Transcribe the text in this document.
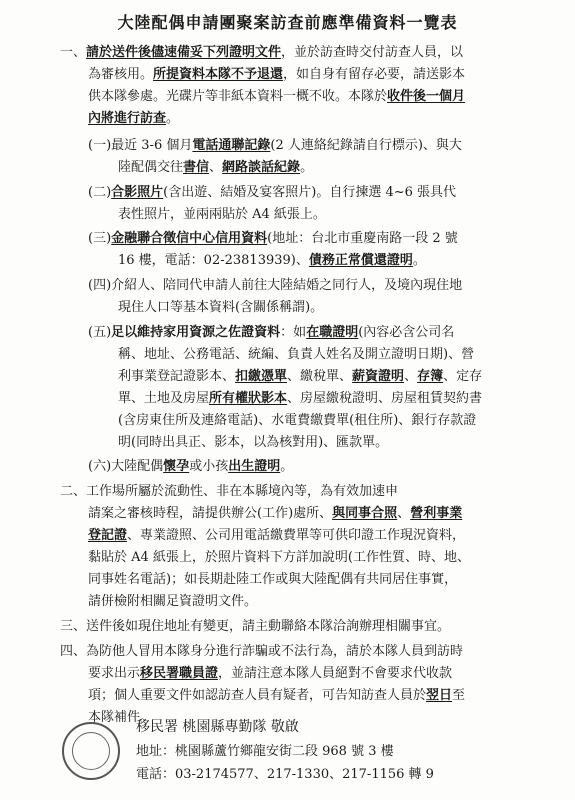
大陸配偶申請團聚案訪查前應準備資料一覽表
一、請於送件後儘速備妥下列證明文件，並於訪查時交付訪查人員，以
為審核用。所提資料本隊不予退還，如自身有留存必要，請送影本
供本隊參處。光碟片等非紙本資料一概不收。本隊於收件後一個月
內將進行訪查。
(一)最近 3-6 個月電話通聯記錄(2 人連絡紀錄請自行標示)、與大
陸配偶交往書信、網路談話紀錄。
(二)合影照片(含出遊、結婚及宴客照片)。自行揀選 4~6 張具代
表性照片，並兩兩貼於 A4 紙張上。
(三)金融聯合徵信中心信用資料(地址：台北市重慶南路一段 2 號
16 樓，電話：02-23813939)、債務正常償還證明。
(四)介紹人、陪同代申請人前往大陸結婚之同行人，及境內現住地
現住人口等基本資料(含關係稱謂)。
(五)足以維持家用資源之佐證資料：如在職證明(內容必含公司名
稱、地址、公務電話、統編、負責人姓名及開立證明日期)、營
利事業登記證影本、扣繳憑單、繳稅單、薪資證明、存簿、定存
單、土地及房屋所有權狀影本、房屋繳稅證明、房屋租賃契約書
(含房東住所及連絡電話)、水電費繳費單(租住所)、銀行存款證
明(同時出具正、影本，以為核對用)、匯款單。
(六)大陸配偶懷孕或小孩出生證明。
二、工作場所屬於流動性、非在本縣境內等，為有效加速申
請案之審核時程，請提供辦公(工作)處所、與同事合照、營利事業
登記證、專業證照、公司用電話繳費單等可供印證工作現況資料，
黏貼於 A4 紙張上，於照片資料下方詳加說明(工作性質、時、地、
同事姓名電話)；如長期赴陸工作或與大陸配偶有共同居住事實，
請併檢附相關足資證明文件。
三、送件後如現住地址有變更，請主動聯絡本隊洽詢辦理相關事宜。
四、為防他人冒用本隊身分進行詐騙或不法行為，請於本隊人員到訪時
要求出示移民署職員證，並請注意本隊人員絕對不會要求代收款
項；個人重要文件如認訪查人員有疑者，可告知訪查人員於翌日至
本隊補件。
移民署 桃園縣專勤隊 敬啟
地址：桃園縣蘆竹鄉龍安街二段 968 號 3 樓
電話：03-2174577、217-1330、217-1156 轉 9
